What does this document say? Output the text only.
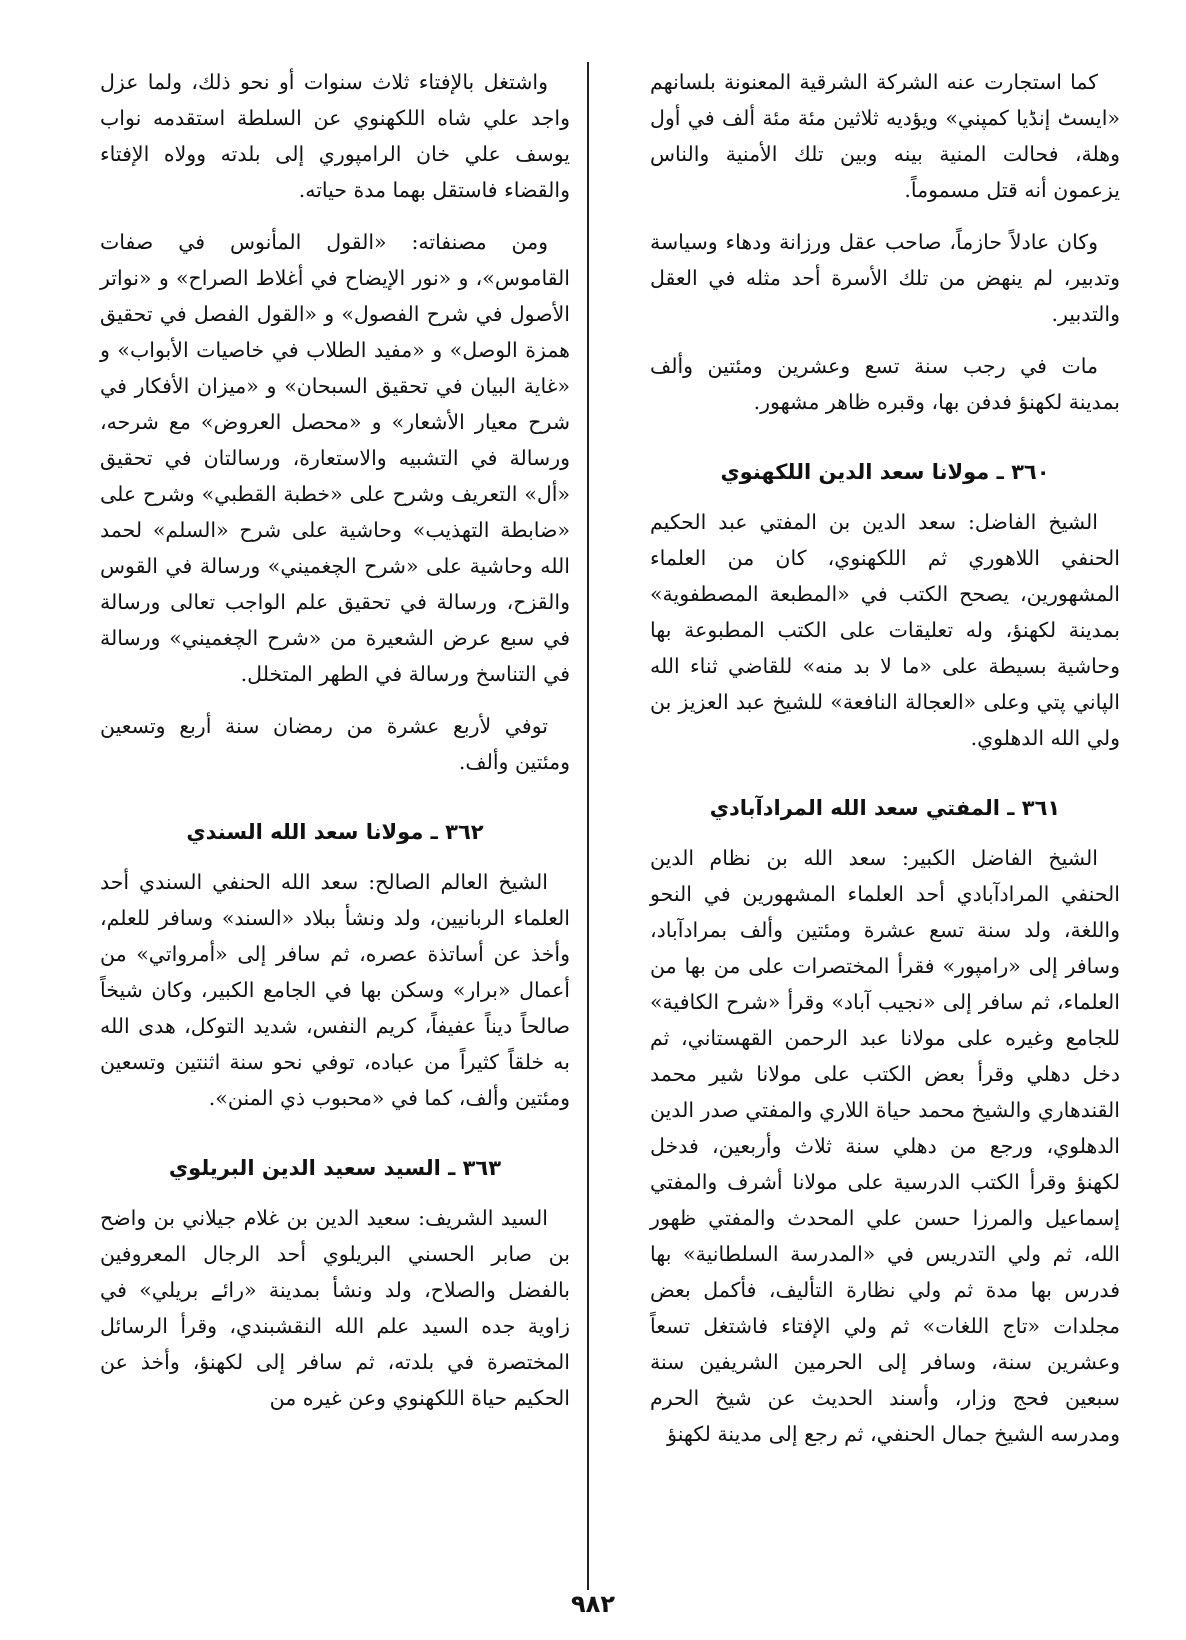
كما استجارت عنه الشركة الشرقية المعنونة بلسانهم «ايسٹ إنڈيا كمپني» ويؤديه ثلاثين مئة مئة ألف في أول وهلة، فحالت المنية بينه وبين تلك الأمنية والناس يزعمون أنه قتل مسموماً.

وكان عادلاً حازماً، صاحب عقل ورزانة ودهاء وسياسة وتدبير، لم ينهض من تلك الأسرة أحد مثله في العقل والتدبير.

مات في رجب سنة تسع وعشرين ومئتين وألف بمدينة لكهنؤ فدفن بها، وقبره ظاهر مشهور.

٣٦٠ ـ مولانا سعد الدين اللكهنوي

الشيخ الفاضل: سعد الدين بن المفتي عبد الحكيم الحنفي اللاهوري ثم اللكهنوي، كان من العلماء المشهورين، يصحح الكتب في «المطبعة المصطفوية» بمدينة لكهنؤ، وله تعليقات على الكتب المطبوعة بها وحاشية بسيطة على «ما لا بد منه» للقاضي ثناء الله الپاني پتي وعلى «العجالة النافعة» للشيخ عبد العزيز بن ولي الله الدهلوي.

٣٦١ ـ المفتي سعد الله المرادآبادي

الشيخ الفاضل الكبير: سعد الله بن نظام الدين الحنفي المرادآبادي أحد العلماء المشهورين في النحو واللغة، ولد سنة تسع عشرة ومئتين وألف بمرادآباد، وسافر إلى «رامپور» فقرأ المختصرات على من بها من العلماء، ثم سافر إلى «نجيب آباد» وقرأ «شرح الكافية» للجامع وغيره على مولانا عبد الرحمن القهستاني، ثم دخل دهلي وقرأ بعض الكتب على مولانا شير محمد القندهاري والشيخ محمد حياة اللاري والمفتي صدر الدين الدهلوي، ورجع من دهلي سنة ثلاث وأربعين، فدخل لكهنؤ وقرأ الكتب الدرسية على مولانا أشرف والمفتي إسماعيل والمرزا حسن علي المحدث والمفتي ظهور الله، ثم ولي التدريس في «المدرسة السلطانية» بها فدرس بها مدة ثم ولي نظارة التأليف، فأكمل بعض مجلدات «تاج اللغات» ثم ولي الإفتاء فاشتغل تسعاً وعشرين سنة، وسافر إلى الحرمين الشريفين سنة سبعين فحج وزار، وأسند الحديث عن شيخ الحرم ومدرسه الشيخ جمال الحنفي، ثم رجع إلى مدينة لكهنؤ

واشتغل بالإفتاء ثلاث سنوات أو نحو ذلك، ولما عزل واجد علي شاه اللكهنوي عن السلطة استقدمه نواب يوسف علي خان الرامپوري إلى بلدته وولاه الإفتاء والقضاء فاستقل بهما مدة حياته.

ومن مصنفاته: «القول المأنوس في صفات القاموس»، و «نور الإيضاح في أغلاط الصراح» و «نواتر الأصول في شرح الفصول» و «القول الفصل في تحقيق همزة الوصل» و «مفيد الطلاب في خاصيات الأبواب» و «غاية البيان في تحقيق السبحان» و «ميزان الأفكار في شرح معيار الأشعار» و «محصل العروض» مع شرحه، ورسالة في التشبيه والاستعارة، ورسالتان في تحقيق «أل» التعريف وشرح على «خطبة القطبي» وشرح على «ضابطة التهذيب» وحاشية على شرح «السلم» لحمد الله وحاشية على «شرح الچغميني» ورسالة في القوس والقزح، ورسالة في تحقيق علم الواجب تعالى ورسالة في سبع عرض الشعيرة من «شرح الچغميني» ورسالة في التناسخ ورسالة في الطهر المتخلل.

توفي لأربع عشرة من رمضان سنة أربع وتسعين ومئتين وألف.

٣٦٢ ـ مولانا سعد الله السندي

الشيخ العالم الصالح: سعد الله الحنفي السندي أحد العلماء الربانيين، ولد ونشأ ببلاد «السند» وسافر للعلم، وأخذ عن أساتذة عصره، ثم سافر إلى «أمرواتي» من أعمال «برار» وسكن بها في الجامع الكبير، وكان شيخاً صالحاً ديناً عفيفاً، كريم النفس، شديد التوكل، هدى الله به خلقاً كثيراً من عباده، توفي نحو سنة اثنتين وتسعين ومئتين وألف، كما في «محبوب ذي المنن».

٣٦٣ ـ السيد سعيد الدين البريلوي

السيد الشريف: سعيد الدين بن غلام جيلاني بن واضح بن صابر الحسني البريلوي أحد الرجال المعروفين بالفضل والصلاح، ولد ونشأ بمدينة «رائے بريلي» في زاوية جده السيد علم الله النقشبندي، وقرأ الرسائل المختصرة في بلدته، ثم سافر إلى لكهنؤ، وأخذ عن الحكيم حياة اللكهنوي وعن غيره من

٩٨٢
